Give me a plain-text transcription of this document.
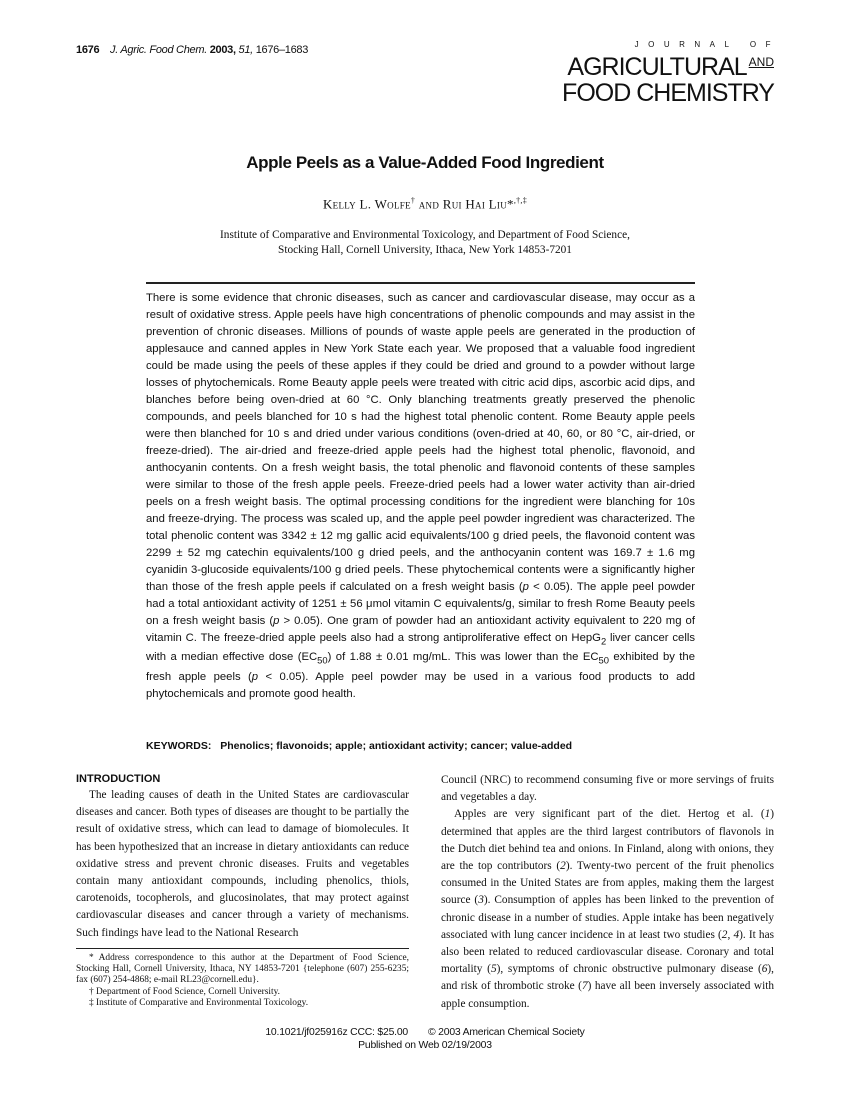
1676 J. Agric. Food Chem. 2003, 51, 1676–1683	JOURNAL OF
AGRICULTURAL $^{AND}$
FOOD CHEMISTRY
Apple Peels as a Value-Added Food Ingredient
Kelly L. Wolfe† and Rui Hai Liu*,†,‡
Institute of Comparative and Environmental Toxicology, and Department of Food Science,
Stocking Hall, Cornell University, Ithaca, New York 14853-7201

There is some evidence that chronic diseases, such as cancer and cardiovascular disease, may occur as a result of oxidative stress. Apple peels have high concentrations of phenolic compounds and may assist in the prevention of chronic diseases. Millions of pounds of waste apple peels are generated in the production of applesauce and canned apples in New York State each year. We proposed that a valuable food ingredient could be made using the peels of these apples if they could be dried and ground to a powder without large losses of phytochemicals. Rome Beauty apple peels were treated with citric acid dips, ascorbic acid dips, and blanches before being oven-dried at 60 °C. Only blanching treatments greatly preserved the phenolic compounds, and peels blanched for 10 s had the highest total phenolic content. Rome Beauty apple peels were then blanched for 10 s and dried under various conditions (oven-dried at 40, 60, or 80 °C, air-dried, or freeze-dried). The air-dried and freeze-dried apple peels had the highest total phenolic, flavonoid, and anthocyanin contents. On a fresh weight basis, the total phenolic and flavonoid contents of these samples were similar to those of the fresh apple peels. Freeze-dried peels had a lower water activity than air-dried peels on a fresh weight basis. The optimal processing conditions for the ingredient were blanching for 10s and freeze-drying. The process was scaled up, and the apple peel powder ingredient was characterized. The total phenolic content was 3342 ± 12 mg gallic acid equivalents/100 g dried peels, the flavonoid content was 2299 ± 52 mg catechin equivalents/100 g dried peels, and the anthocyanin content was 169.7 ± 1.6 mg cyanidin 3-glucoside equivalents/100 g dried peels. These phytochemical contents were a significantly higher than those of the fresh apple peels if calculated on a fresh weight basis (p < 0.05). The apple peel powder had a total antioxidant activity of 1251 ± 56 μmol vitamin C equivalents/g, similar to fresh Rome Beauty peels on a fresh weight basis (p > 0.05). One gram of powder had an antioxidant activity equivalent to 220 mg of vitamin C. The freeze-dried apple peels also had a strong antiproliferative effect on HepG$_2$ liver cancer cells with a median effective dose $(EC_{50})$ of 1.88 ± 0.01 mg/mL. This was lower than the $EC_{50}$ exhibited by the fresh apple peels (p < 0.05). Apple peel powder may be used in a various food products to add phytochemicals and promote good health.

KEYWORDS: Phenolics; flavonoids; apple; antioxidant activity; cancer; value-added
INTRODUCTION

The leading causes of death in the United States are cardiovascular diseases and cancer. Both types of diseases are thought to be partially the result of oxidative stress, which can lead to damage of biomolecules. It has been hypothesized that an increase in dietary antioxidants can reduce oxidative stress and prevent chronic diseases. Fruits and vegetables contain many antioxidant compounds, including phenolics, thiols, carotenoids, tocopherols, and glucosinolates, that may protect against cardiovascular diseases and cancer through a variety of mechanisms. Such findings have lead to the National Research

* Address correspondence to this author at the Department of Food Science, Stocking Hall, Cornell University, Ithaca, NY 14853-7201 {telephone (607) 255-6235; fax (607) 254-4868; e-mail RL23@cornell.edu}.

† Department of Food Science, Cornell University.

‡ Institute of Comparative and Environmental Toxicology.

Council (NRC) to recommend consuming five or more servings of fruits and vegetables a day.

Apples are very significant part of the diet. Hertog et al. (1) determined that apples are the third largest contributors of flavonols in the Dutch diet behind tea and onions. In Finland, along with onions, they are the top contributors (2). Twenty-two percent of the fruit phenolics consumed in the United States are from apples, making them the largest source (3). Consumption of apples has been linked to the prevention of chronic disease in a number of studies. Apple intake has been negatively associated with lung cancer incidence in at least two studies (2, 4). It has also been related to reduced cardiovascular disease. Coronary and total mortality (5), symptoms of chronic obstructive pulmonary disease (6), and risk of thrombotic stroke (7) have all been inversely associated with apple consumption.

10.1021/jf025916z CCC: $25.00 © 2003 American Chemical Society
Published on Web 02/19/2003
